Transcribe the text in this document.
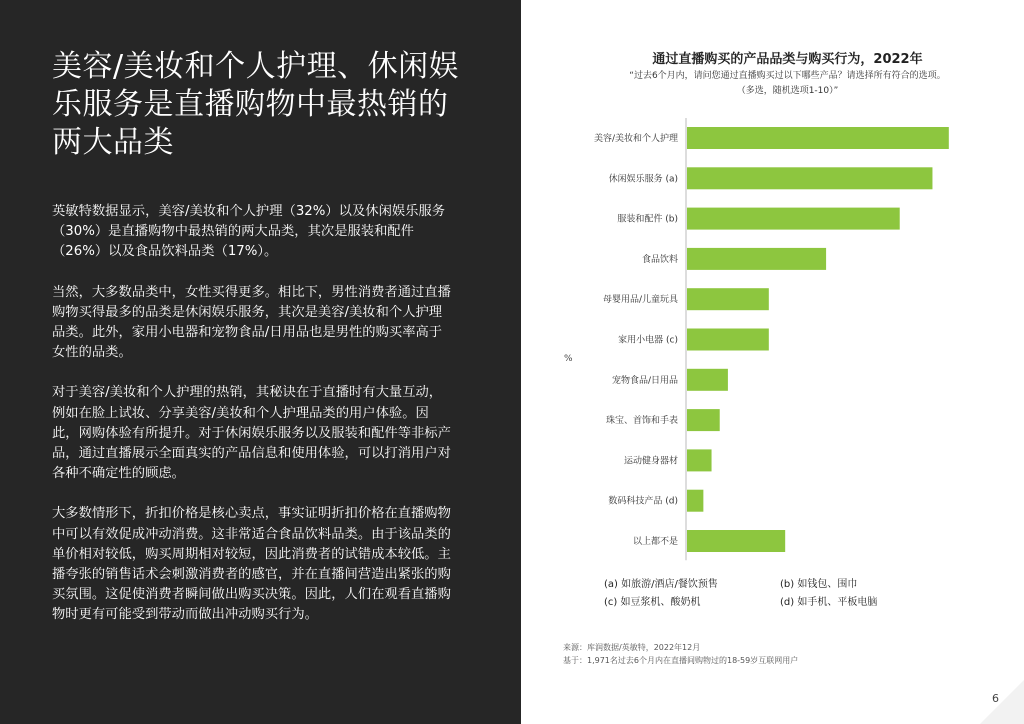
美容/美妆和个人护理、休闲娱乐服务是直播购物中最热销的两大品类

英敏特数据显示，美容/美妆和个人护理（32%）以及休闲娱乐服务（30%）是直播购物中最热销的两大品类，其次是服装和配件（26%）以及食品饮料品类（17%）。

当然，大多数品类中，女性买得更多。相比下，男性消费者通过直播购物买得最多的品类是休闲娱乐服务，其次是美容/美妆和个人护理品类。此外，家用小电器和宠物食品/日用品也是男性的购买率高于女性的品类。

对于美容/美妆和个人护理的热销，其秘诀在于直播时有大量互动，例如在脸上试妆、分享美容/美妆和个人护理品类的用户体验。因此，网购体验有所提升。对于休闲娱乐服务以及服装和配件等非标产品，通过直播展示全面真实的产品信息和使用体验，可以打消用户对各种不确定性的顾虑。

大多数情形下，折扣价格是核心卖点，事实证明折扣价格在直播购物中可以有效促成冲动消费。这非常适合食品饮料品类。由于该品类的单价相对较低，购买周期相对较短，因此消费者的试错成本较低。主播夸张的销售话术会刺激消费者的感官，并在直播间营造出紧张的购买氛围。这促使消费者瞬间做出购买决策。因此，人们在观看直播购物时更有可能受到带动而做出冲动购买行为。

通过直播购买的产品品类与购买行为，2022年
“过去6个月内，请问您通过直播购买过以下哪些产品？请选择所有符合的选项。
（多选，随机选项1-10）”
%
美容/美妆和个人护理
休闲娱乐服务 (a)
服装和配件 (b)
食品饮料
母婴用品/儿童玩具
家用小电器 (c)
宠物食品/日用品
珠宝、首饰和手表
运动健身器材
数码科技产品 (d)
以上都不是
(a) 如旅游/酒店/餐饮预售	(b) 如钱包、围巾
(c) 如豆浆机、酸奶机	(d) 如手机、平板电脑
来源：库润数据/英敏特，2022年12月
基于：1,971名过去6个月内在直播间购物过的18-59岁互联网用户
6
